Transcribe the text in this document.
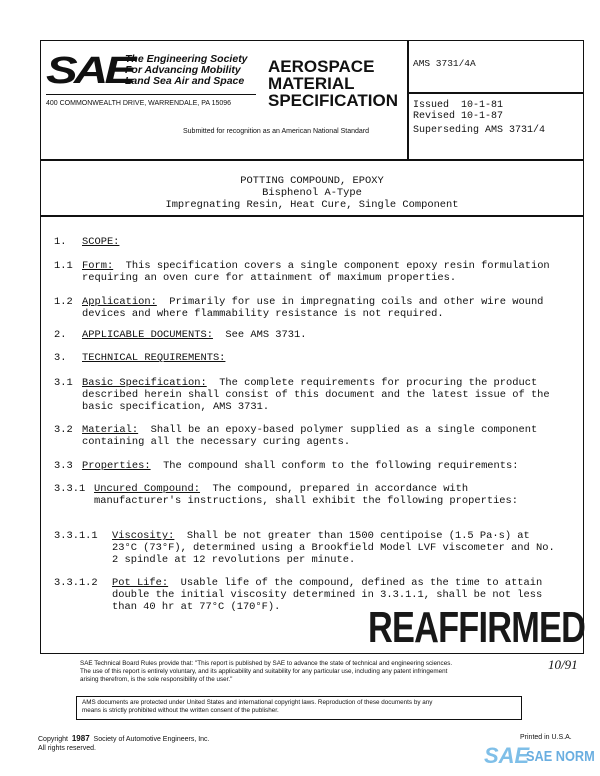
SAE
The Engineering Society
For Advancing Mobility
Land Sea Air and Space
400 COMMONWEALTH DRIVE, WARRENDALE, PA 15096
AEROSPACE
MATERIAL
SPECIFICATION
Submitted for recognition as an American National Standard
AMS 3731/4A
Issued  10-1-81
Revised 10-1-87
Superseding AMS 3731/4
POTTING COMPOUND, EPOXY
Bisphenol A-Type
Impregnating Resin, Heat Cure, Single Component
1. SCOPE:
1.1 Form:  This specification covers a single component epoxy resin formulation
requiring an oven cure for attainment of maximum properties.
1.2 Application:  Primarily for use in impregnating coils and other wire wound
devices and where flammability resistance is not required.
2. APPLICABLE DOCUMENTS:  See AMS 3731.
3. TECHNICAL REQUIREMENTS:
3.1 Basic Specification:  The complete requirements for procuring the product
described herein shall consist of this document and the latest issue of the
basic specification, AMS 3731.
3.2 Material:  Shall be an epoxy-based polymer supplied as a single component
containing all the necessary curing agents.
3.3 Properties:  The compound shall conform to the following requirements:
3.3.1 Uncured Compound:  The compound, prepared in accordance with
manufacturer's instructions, shall exhibit the following properties:
3.3.1.1 Viscosity:  Shall be not greater than 1500 centipoise (1.5 Pa·s) at
23°C (73°F), determined using a Brookfield Model LVF viscometer and No.
2 spindle at 12 revolutions per minute.
3.3.1.2 Pot Life:  Usable life of the compound, defined as the time to attain
double the initial viscosity determined in 3.3.1.1, shall be not less
than 40 hr at 77°C (170°F). REAFFIRMED
10/91
SAE Technical Board Rules provide that: "This report is published by SAE to advance the state of technical and engineering sciences.
The use of this report is entirely voluntary, and its applicability and suitability for any particular use, including any patent infringement
arising therefrom, is the sole responsibility of the user."
AMS documents are protected under United States and international copyright laws. Reproduction of these documents by any
means is strictly prohibited without the written consent of the publisher.
Copyright 1987 Society of Automotive Engineers, Inc.
All rights reserved.
Printed in U.S.A.
SAE
SAE NORM
